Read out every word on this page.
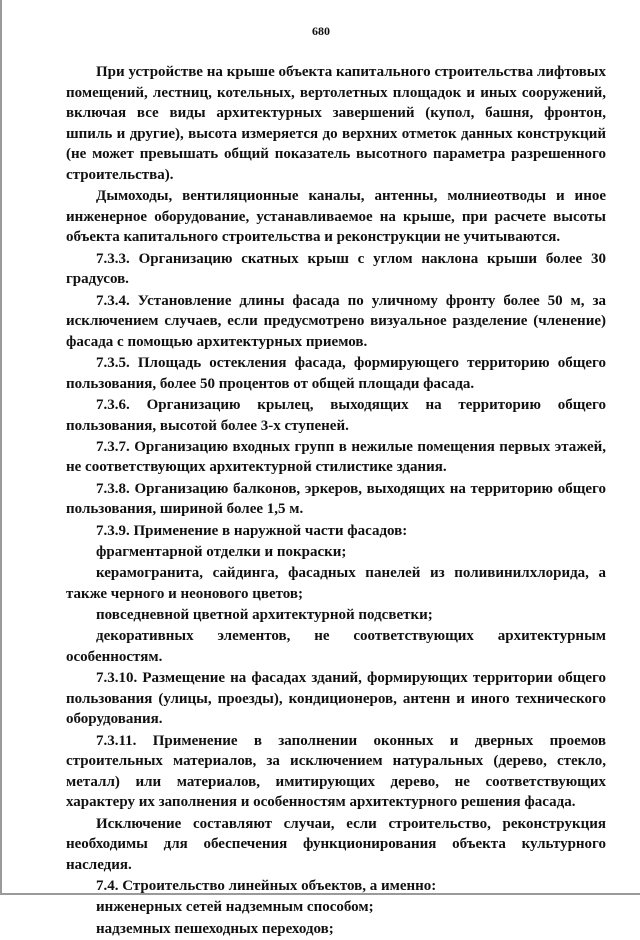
680

При устройстве на крыше объекта капитального строительства лифтовых помещений, лестниц, котельных, вертолетных площадок и иных сооружений, включая все виды архитектурных завершений (купол, башня, фронтон, шпиль и другие), высота измеряется до верхних отметок данных конструкций (не может превышать общий показатель высотного параметра разрешенного строительства).

Дымоходы, вентиляционные каналы, антенны, молниеотводы и иное инженерное оборудование, устанавливаемое на крыше, при расчете высоты объекта капитального строительства и реконструкции не учитываются.

7.3.3. Организацию скатных крыш с углом наклона крыши более 30 градусов.

7.3.4. Установление длины фасада по уличному фронту более 50 м, за исключением случаев, если предусмотрено визуальное разделение (членение) фасада с помощью архитектурных приемов.

7.3.5. Площадь остекления фасада, формирующего территорию общего пользования, более 50 процентов от общей площади фасада.

7.3.6. Организацию крылец, выходящих на территорию общего пользования, высотой более 3-х ступеней.

7.3.7. Организацию входных групп в нежилые помещения первых этажей, не соответствующих архитектурной стилистике здания.

7.3.8. Организацию балконов, эркеров, выходящих на территорию общего пользования, шириной более 1,5 м.

7.3.9. Применение в наружной части фасадов:

фрагментарной отделки и покраски;

керамогранита, сайдинга, фасадных панелей из поливинилхлорида, а также черного и неонового цветов;

повседневной цветной архитектурной подсветки;

декоративных элементов, не соответствующих архитектурным особенностям.

7.3.10. Размещение на фасадах зданий, формирующих территории общего пользования (улицы, проезды), кондиционеров, антенн и иного технического оборудования.

7.3.11. Применение в заполнении оконных и дверных проемов строительных материалов, за исключением натуральных (дерево, стекло, металл) или материалов, имитирующих дерево, не соответствующих характеру их заполнения и особенностям архитектурного решения фасада.

Исключение составляют случаи, если строительство, реконструкция необходимы для обеспечения функционирования объекта культурного наследия.

7.4. Строительство линейных объектов, а именно:

инженерных сетей надземным способом;

надземных пешеходных переходов;
